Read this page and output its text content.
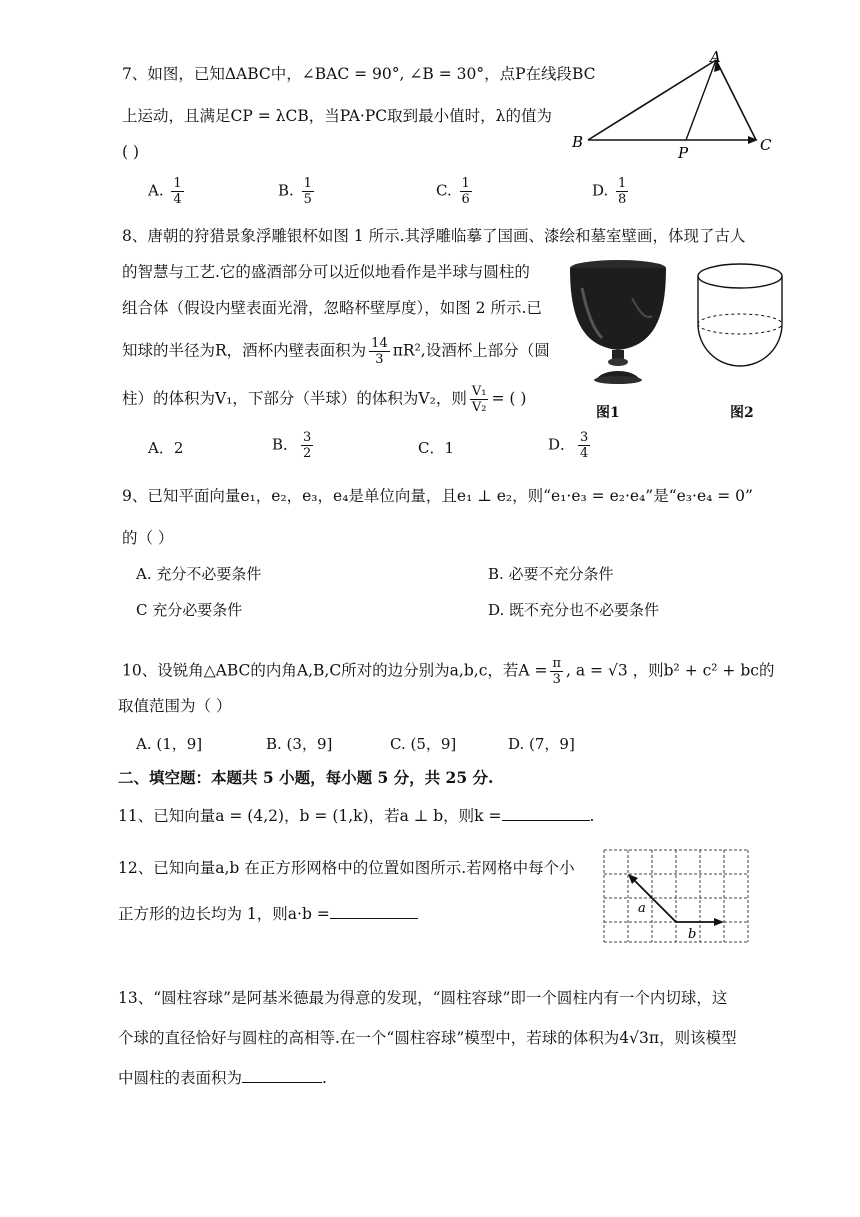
7、如图，已知ΔABC中，∠BAC = 90°, ∠B = 30°，点P在线段BC
上运动，且满足CP = λCB，当PA·PC取到最小值时，λ的值为
( )
A. $\frac{1}{4}$	B. $\frac{1}{5}$	C. $\frac{1}{6}$	D. $\frac{1}{8}$
A
B
P	C
8、唐朝的狩猎景象浮雕银杯如图 1 所示.其浮雕临摹了国画、漆绘和墓室壁画，体现了古人
的智慧与工艺.它的盛酒部分可以近似地看作是半球与圆柱的
组合体（假设内壁表面光滑，忽略杯壁厚度），如图 2 所示.已
知球的半径为R，酒杯内壁表面积为 $\frac{14}{3} \pi R^2$,设酒杯上部分（圆
柱）的体积为V₁，下部分（半球）的体积为V₂，则 $\frac{\text{V₁}}{\text{V₂}}$ = ( )
图1	图2
A．2	B． $\frac{3}{2}$	C．1	D． $\frac{3}{4}$
9、已知平面向量e₁，e₂，e₃，e₄是单位向量，且e₁ ⊥ e₂，则“e₁·e₃ = e₂·e₄”是“e₃·e₄ = 0”
的（ ）
A. 充分不必要条件	B. 必要不充分条件
C 充分必要条件	D. 既不充分也不必要条件
10、设锐角△ABC的内角A,B,C所对的边分别为a,b,c，若$A = \frac{\pi}{3}$ , a = √3 ，则b² + c² + bc的
取值范围为（ ）
A. (1，9]	B. (3，9]	C. (5，9]	D. (7，9]
二、填空题：本题共 5 小题，每小题 5 分，共 25 分.
11、已知向量a = (4,2)，b = (1,k)，若a ⊥ b，则k =	.
12、已知向量a,b 在正方形网格中的位置如图所示.若网格中每个小
正方形的边长均为 1，则a·b =	a
b
13、“圆柱容球”是阿基米德最为得意的发现，“圆柱容球”即一个圆柱内有一个内切球，这
个球的直径恰好与圆柱的高相等.在一个“圆柱容球”模型中，若球的体积为4√3π，则该模型
中圆柱的表面积为	.
